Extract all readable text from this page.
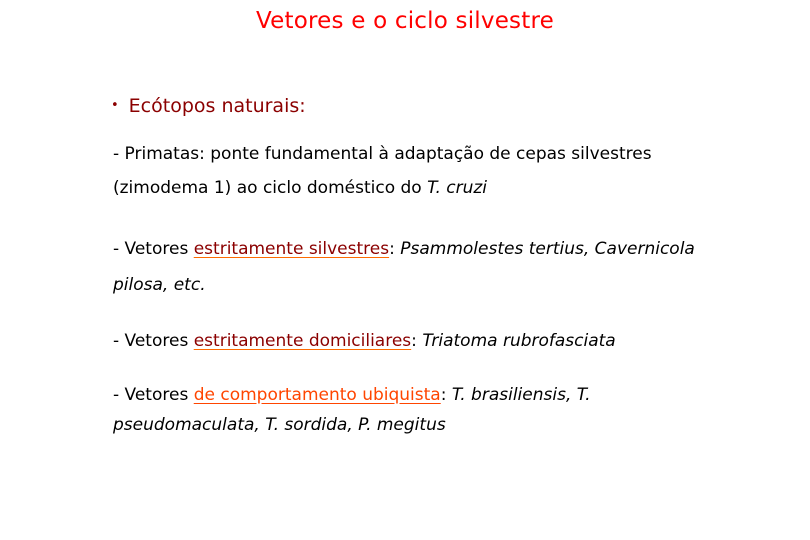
Vetores e o ciclo silvestre
• Ecótopos naturais:
- Primatas: ponte fundamental à adaptação de cepas silvestres
(zimodema 1) ao ciclo doméstico do T. cruzi
- Vetores estritamente silvestres: Psammolestes tertius, Cavernicola
pilosa, etc.
- Vetores estritamente domiciliares: Triatoma rubrofasciata
- Vetores de comportamento ubiquista: T. brasiliensis, T.
pseudomaculata, T. sordida, P. megitus
